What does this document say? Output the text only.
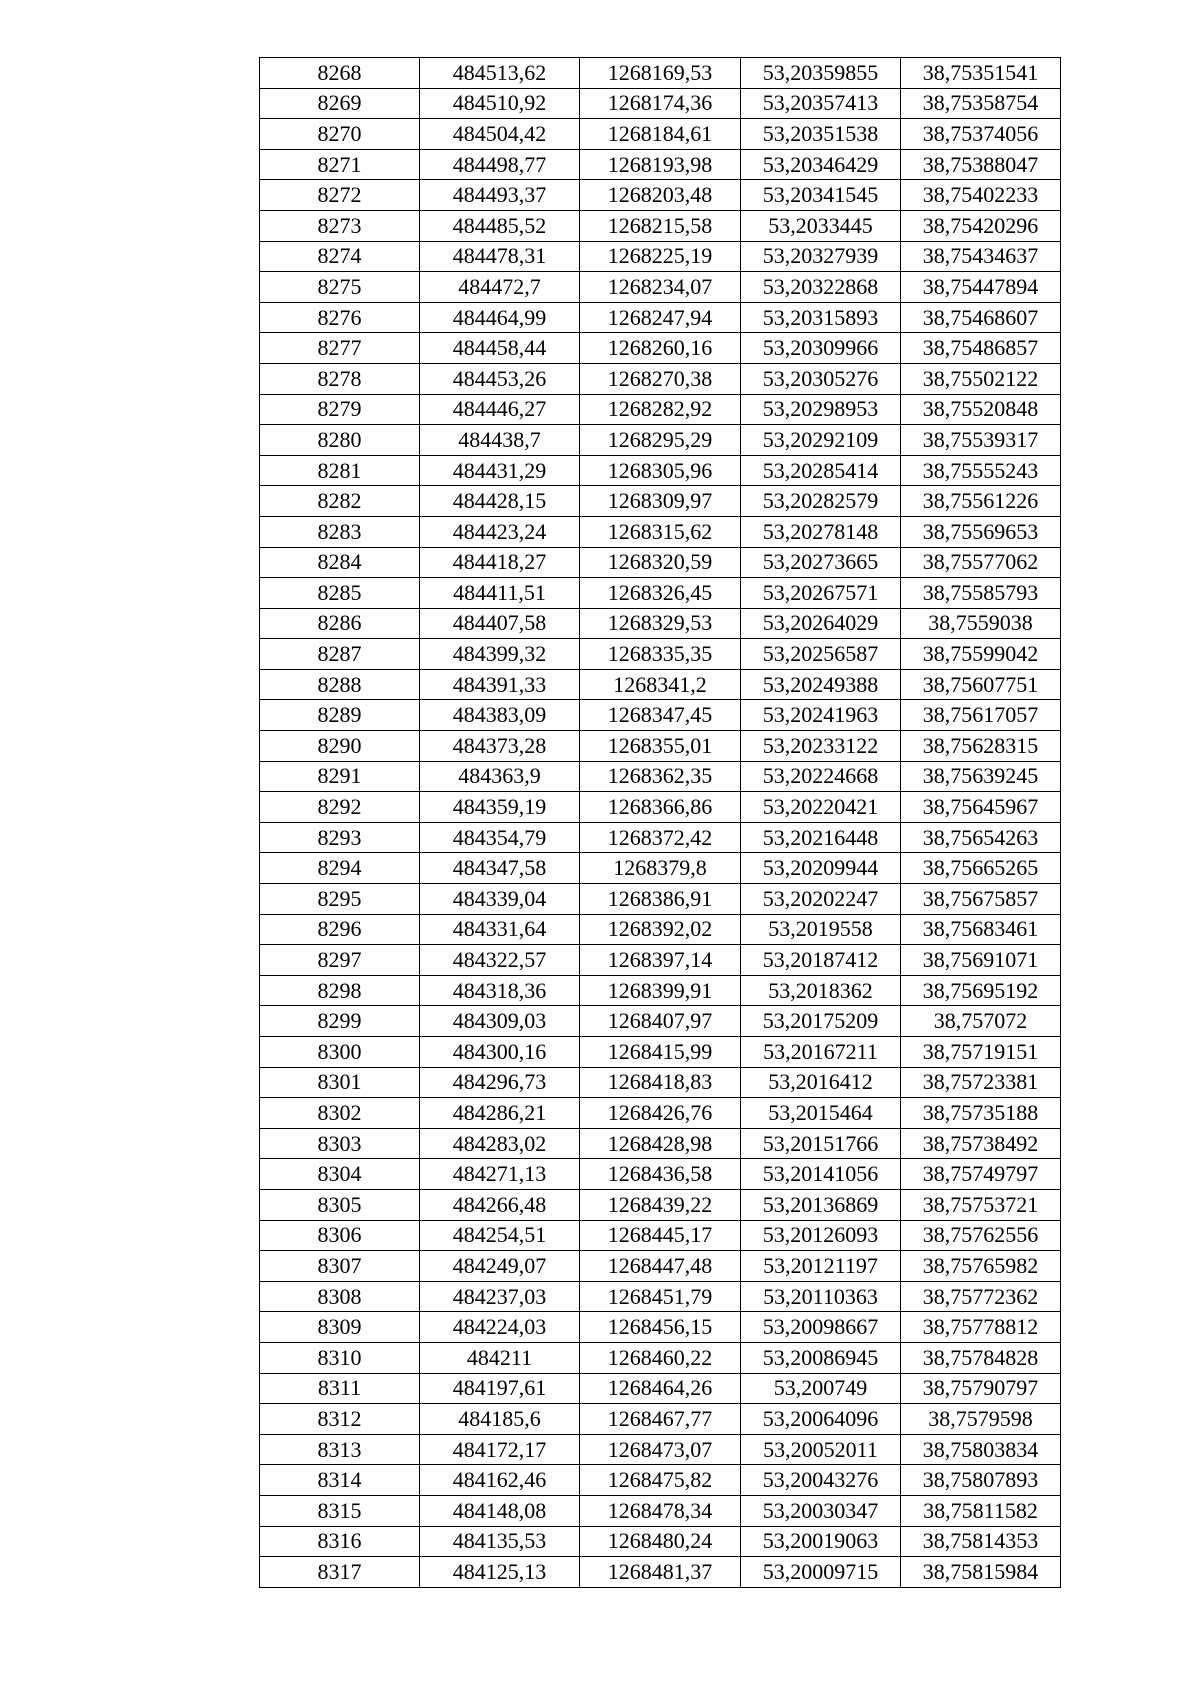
8268	484513,62	1268169,53	53,20359855	38,75351541
8269	484510,92	1268174,36	53,20357413	38,75358754
8270	484504,42	1268184,61	53,20351538	38,75374056
8271	484498,77	1268193,98	53,20346429	38,75388047
8272	484493,37	1268203,48	53,20341545	38,75402233
8273	484485,52	1268215,58	53,2033445	38,75420296
8274	484478,31	1268225,19	53,20327939	38,75434637
8275	484472,7	1268234,07	53,20322868	38,75447894
8276	484464,99	1268247,94	53,20315893	38,75468607
8277	484458,44	1268260,16	53,20309966	38,75486857
8278	484453,26	1268270,38	53,20305276	38,75502122
8279	484446,27	1268282,92	53,20298953	38,75520848
8280	484438,7	1268295,29	53,20292109	38,75539317
8281	484431,29	1268305,96	53,20285414	38,75555243
8282	484428,15	1268309,97	53,20282579	38,75561226
8283	484423,24	1268315,62	53,20278148	38,75569653
8284	484418,27	1268320,59	53,20273665	38,75577062
8285	484411,51	1268326,45	53,20267571	38,75585793
8286	484407,58	1268329,53	53,20264029	38,7559038
8287	484399,32	1268335,35	53,20256587	38,75599042
8288	484391,33	1268341,2	53,20249388	38,75607751
8289	484383,09	1268347,45	53,20241963	38,75617057
8290	484373,28	1268355,01	53,20233122	38,75628315
8291	484363,9	1268362,35	53,20224668	38,75639245
8292	484359,19	1268366,86	53,20220421	38,75645967
8293	484354,79	1268372,42	53,20216448	38,75654263
8294	484347,58	1268379,8	53,20209944	38,75665265
8295	484339,04	1268386,91	53,20202247	38,75675857
8296	484331,64	1268392,02	53,2019558	38,75683461
8297	484322,57	1268397,14	53,20187412	38,75691071
8298	484318,36	1268399,91	53,2018362	38,75695192
8299	484309,03	1268407,97	53,20175209	38,757072
8300	484300,16	1268415,99	53,20167211	38,75719151
8301	484296,73	1268418,83	53,2016412	38,75723381
8302	484286,21	1268426,76	53,2015464	38,75735188
8303	484283,02	1268428,98	53,20151766	38,75738492
8304	484271,13	1268436,58	53,20141056	38,75749797
8305	484266,48	1268439,22	53,20136869	38,75753721
8306	484254,51	1268445,17	53,20126093	38,75762556
8307	484249,07	1268447,48	53,20121197	38,75765982
8308	484237,03	1268451,79	53,20110363	38,75772362
8309	484224,03	1268456,15	53,20098667	38,75778812
8310	484211	1268460,22	53,20086945	38,75784828
8311	484197,61	1268464,26	53,200749	38,75790797
8312	484185,6	1268467,77	53,20064096	38,7579598
8313	484172,17	1268473,07	53,20052011	38,75803834
8314	484162,46	1268475,82	53,20043276	38,75807893
8315	484148,08	1268478,34	53,20030347	38,75811582
8316	484135,53	1268480,24	53,20019063	38,75814353
8317	484125,13	1268481,37	53,20009715	38,75815984
